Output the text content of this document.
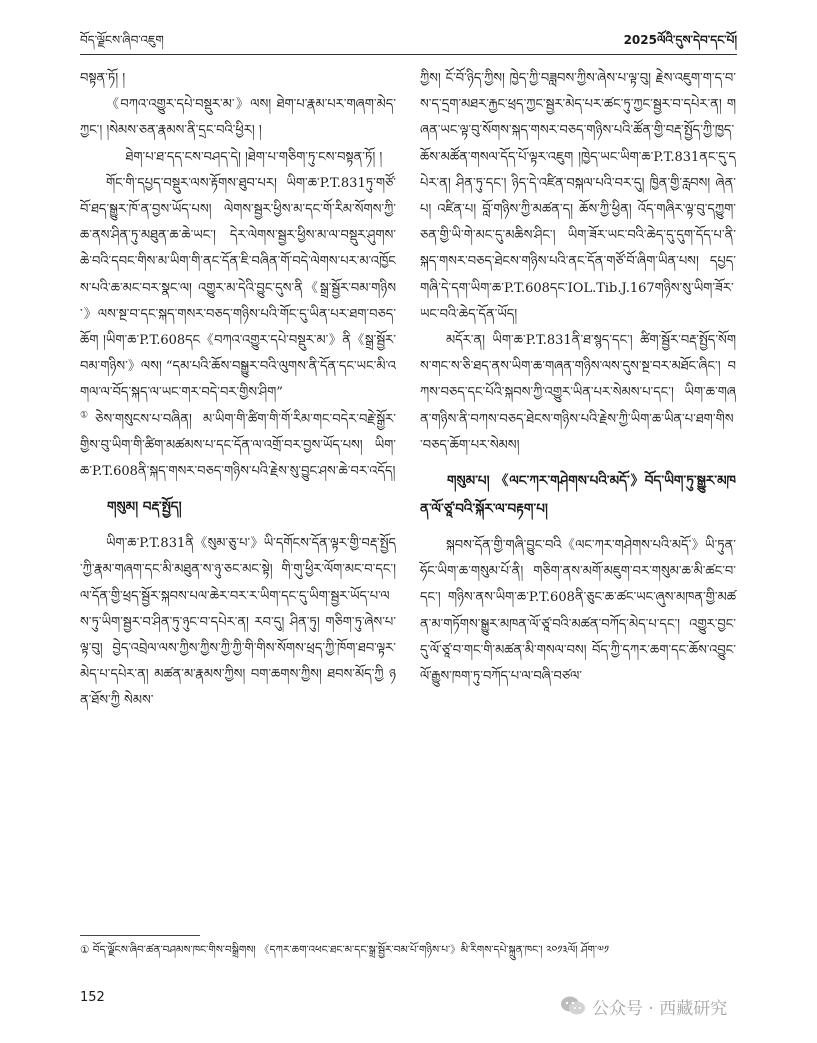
བོད་ལྗོངས་ཞིབ་འཇུག	2025ལོའི་དུས་དེབ་དང་པོ།

བསྟན་ཏོ། །

《བཀའ་འགྱུར་དཔེ་བསྡུར་མ་》ལས། ཐེག་པ་རྣམ་པར་གཞག་མེད་ཀྱང་། །སེམས་ཅན་རྣམས་ནི་དྲང་བའི་ཕྱིར། །

ཐེག་པ་ཐ་དད་ངས་བཤད་དེ། །ཐེག་པ་གཅིག་ཏུ་ངས་བསྟན་ཏོ། །

གོང་གི་དཔྱད་བསྡུར་ལས་རྟོགས་ཐུབ་པར། ཡིག་ཆ་P.T.831ཏུ་གཙོ་བོ་ཐད་སྒྱུར་ཁོ་ན་བྱས་ཡོད་པས། ལེགས་སྦྱར་ཕྱིས་མ་དང་གོ་རིམ་སོགས་ཀྱི་ཆ་ནས་ཤིན་ཏུ་མཐུན་ཆ་ཆེ་ཡང་། དེར་ལེགས་སྦྱར་ཕྱིས་མ་ལ་བསྡུར་ཤུགས་ཆེ་བའི་དབང་གིས་མ་ཡིག་གི་ནང་དོན་ཇི་བཞིན་གོ་བདེ་ལེགས་པར་མ་འཁྱོངས་པའི་ཆ་མང་བར་སྣང་ལ། འགྱུར་མ་དེའི་བྱུང་དུས་ནི《སྒྲ་སྦྱོར་བམ་གཉིས་》ལས་སྔ་བ་དང་སྐད་གསར་བཅད་གཉིས་པའི་གོང་དུ་ཡིན་པར་ཐག་བཅད་ཆོག །ཡིག་ཆ་P.T.608དང《བཀའ་འགྱུར་དཔེ་བསྡུར་མ་》ནི《སྒྲ་སྦྱོར་བམ་གཉིས་》ལས། “དམ་པའི་ཆོས་བསྒྱུར་བའི་ལུགས་ནི་དོན་དང་ཡང་མི་འགལ་ལ་བོད་སྐད་ལ་ཡང་གར་བདེ་བར་གྱིས་ཤིག”

①ཅེས་གསུངས་པ་བཞིན། མ་ཡིག་གི་ཚིག་གི་གོ་རིམ་གང་བདེར་བརྗེ་སྒྱོར་གྱིས་བུ་ཡིག་གི་ཚིག་མཚམས་པ་དང་དོན་ལ་འགྲོ་བར་བྱས་ཡོད་པས། ཡིག་ཆ་P.T.608ནི་སྐད་གསར་བཅད་གཉིས་པའི་རྗེས་སུ་བྱུང་ཤས་ཆེ་བར་འདོད།

གསུམ། བརྡ་སྤྱོད།

ཡིག་ཆ་P.T.831ནི《སུམ་ཅུ་པ་》ཡི་དགོངས་དོན་ལྟར་གྱི་བརྡ་སྤྱོད་ཀྱི་རྣམ་གཞག་དང་མི་མཐུན་ས་ཉུ་ཅང་མང་སྟེ། གི་གུ་ཕྱིར་ལོག་མང་བ་དང་། ལ་དོན་གྱི་ཕྲད་སྦྱོར་སྐབས་པལ་ཆེར་བར་ར་ཡིག་དང་དུ་ཡིག་སྦྱར་ཡོད་པ་ལས་ཏུ་ཡིག་སྦྱར་བ་ཤིན་ཏུ་ཉུང་བ་དཔེར་ན། རབ་དུ། ཤིན་ཏུ། གཅིག་ཏུ་ཞེས་པ་ལྟ་བུ། བྱེད་འབྲེལ་ལས་ཀྱིས་ཀྱིས་ཀྱི་ཀྱི་གི་གིས་སོགས་ཕྲད་ཀྱི་ཁོག་ཐབ་ལྟར་མེད་པ་དཔེར་ན། མཚན་མ་རྣམས་ཀྱིས། བག་ཆགས་ཀྱིས། ཐབས་མོད་ཀྱི ཉན་ཐོས་ཀྱི སེམས་

ཀྱིས། ངོ་བོ་ཉིད་ཀྱིས། ཁྱེད་ཀྱི་བཟླབས་ཀྱིས་ཞེས་པ་ལྟ་བུ། རྗེས་འཇུག་ག་ད་བ་ས་ད་དྲག་མཐར་རྐྱང་ཕྲད་ཀྱང་སྦྱར་མེད་པར་ཚང་ཏུ་ཀྱང་སྦྱར་བ་དཔེར་ན། གཞན་ཡང་ལྟ་བུ་སོགས་སྐད་གསར་བཅད་གཉིས་པའི་ཚོན་གྱི་བརྡ་སྤྱོད་ཀྱི་ཁྱད་ཆོས་མཚོན་གསལ་དོད་པོ་ལྟར་འཇུག །ཁྱེད་ཡང་ཡིག་ཆ་P.T.831ནང་དུ་དཔེར་ན། ཤིན་ཏུ་དང་། ཉིད་དེ་འཛིན་བསྐལ་པའི་བར་དུ། ཁྱིན་གྱི་རླབས། ཞེན་པ། འཛིན་པ། བློ་གཉིས་ཀྱི་མཚན་ད། ཆོས་ཀྱི་ཕྱིན། འོད་གཞིར་ལྟ་བུ་དཀྱུག་ཅན་གྱི་ཡི་གེ་མང་དུ་མཆིས་ཤིང་། ཡིག་ཟོར་ཡང་བའི་ཆེད་དུ་དུག་དོད་པ་ནི་སྐད་གསར་བཅད་ཐེངས་གཉིས་པའི་ནང་དོན་གཙོ་བོ་ཞིག་ཡིན་པས། དཔྱད་གཞི་དེ་དག་ཡིག་ཆ་P.T.608དང་IOL.Tib.J.167གཉིས་སུ་ཡིག་ཟོར་ཡང་བའི་ཆེད་དོན་ཡོད།

མདོར་ན། ཡིག་ཆ་P.T.831ནི་ཐ་སྙད་དང་། ཚིག་སྦྱོར་བརྡ་སྤྱོད་སོགས་གང་ས་ཅི་ཐད་ནས་ཡིག་ཆ་གཞན་གཉིས་ལས་དུས་སྔ་བར་མཐོང་ཞིང་། བཀས་བཅད་དང་པོའི་སྐབས་ཀྱི་འགྱུར་ཡིན་པར་སེམས་པ་དང་། ཡིག་ཆ་གཞན་གཉིས་ནི་བཀས་བཅད་ཐེངས་གཉིས་པའི་རྗེས་ཀྱི་ཡིག་ཆ་ཡིན་པ་ཐག་གིས་བཅད་ཆོག་པར་སེམས།

གསུམ་པ། 《ལང་ཀར་གཤེགས་པའི་མདོ་》བོད་ཡིག་ཏུ་སྒྱུར་མཁན་ལོ་ཙཱ་བའི་སྐོར་ལ་བརྟག་པ།

སྐབས་དོན་གྱི་གཞི་བྱུང་བའི《ལང་ཀར་གཤེགས་པའི་མདོ་》ཡི་ཏུན་ཧོང་ཡིག་ཆ་གསུམ་པོ་ནི། གཅིག་ནས་མགོ་མཇུག་བར་གསུམ་ཆ་མི་ཚང་བ་དང་། གཉིས་ནས་ཡིག་ཆ་P.T.608ནི་ཅུང་ཆ་ཚང་ཡང་ཞུས་མཁན་གྱི་མཚན་མ་གཏོགས་སྒྱུར་མཁན་ལོ་ཙཱ་བའི་མཚན་བཀོད་མེད་པ་དང་། འགྱུར་བྱང་དུ་ལོ་ཙཱ་བ་གང་གི་མཚན་མི་གསལ་བས། བོད་ཀྱི་དཀར་ཆག་དང་ཆོས་འབྱུང་ལོ་རྒྱུས་ཁག་ཏུ་བཀོད་པ་ལ་བཞི་བཙལ་

① བོད་ལྗོངས་ཞིབ་ཚན་བཤམས་ཁང་གིས་བསྒྲིགས། 《དཀར་ཆག་འཕང་ཐང་མ་དང་སྒྲ་སྦྱོར་བམ་པོ་གཉིས་པ་》མི་རིགས་དཔེ་སྐྲུན་ཁང་། ༢༠༡༣ལོ། ཤོག་༧༡
152
公众号 · 西藏研究
